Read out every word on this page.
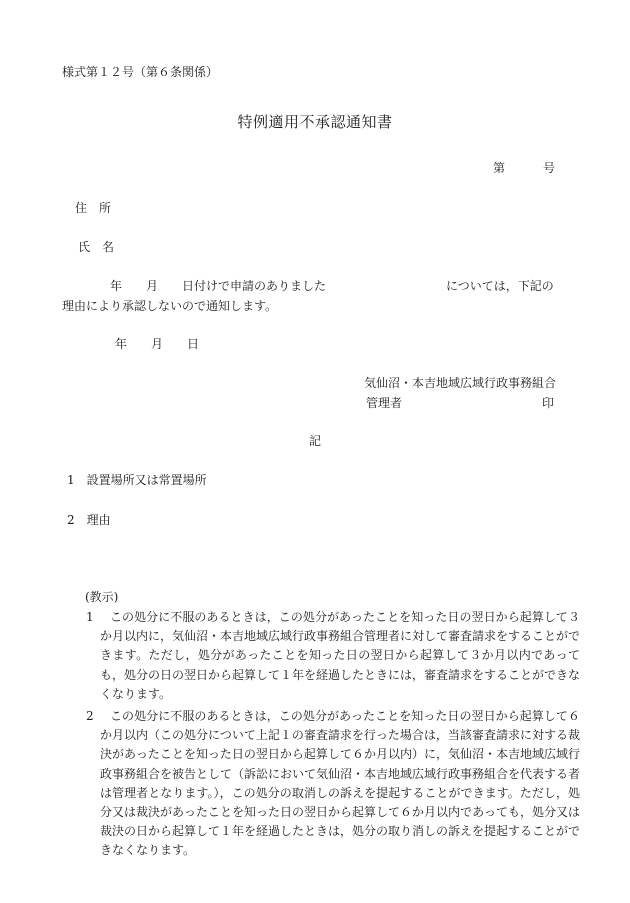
様式第１２号（第６条関係）
特例適用不承認通知書
第	号
住所
氏名
　　　　年　　月　　日付けで申請のありました　　　　　　　　　　については，下記の
理由により承認しないので通知します。
年　　月　　日
気仙沼・本吉地域広域行政事務組合
管理者	印
記
1　設置場所又は常置場所
2　理由
(教示)
1	この処分に不服のあるときは，この処分があったことを知った日の翌日から起算して３か月以内に，気仙沼・本吉地域広域行政事務組合管理者に対して審査請求をすることができます。ただし，処分があったことを知った日の翌日から起算して３か月以内であっても，処分の日の翌日から起算して１年を経過したときには，審査請求をすることができなくなります。
2	この処分に不服のあるときは，この処分があったことを知った日の翌日から起算して６か月以内（この処分について上記１の審査請求を行った場合は，当該審査請求に対する裁決があったことを知った日の翌日から起算して６か月以内）に，気仙沼・本吉地域広域行政事務組合を被告として（訴訟において気仙沼・本吉地域広域行政事務組合を代表する者は管理者となります。），この処分の取消しの訴えを提起することができます。ただし，処分又は裁決があったことを知った日の翌日から起算して６か月以内であっても，処分又は裁決の日から起算して１年を経過したときは，処分の取り消しの訴えを提起することができなくなります。
